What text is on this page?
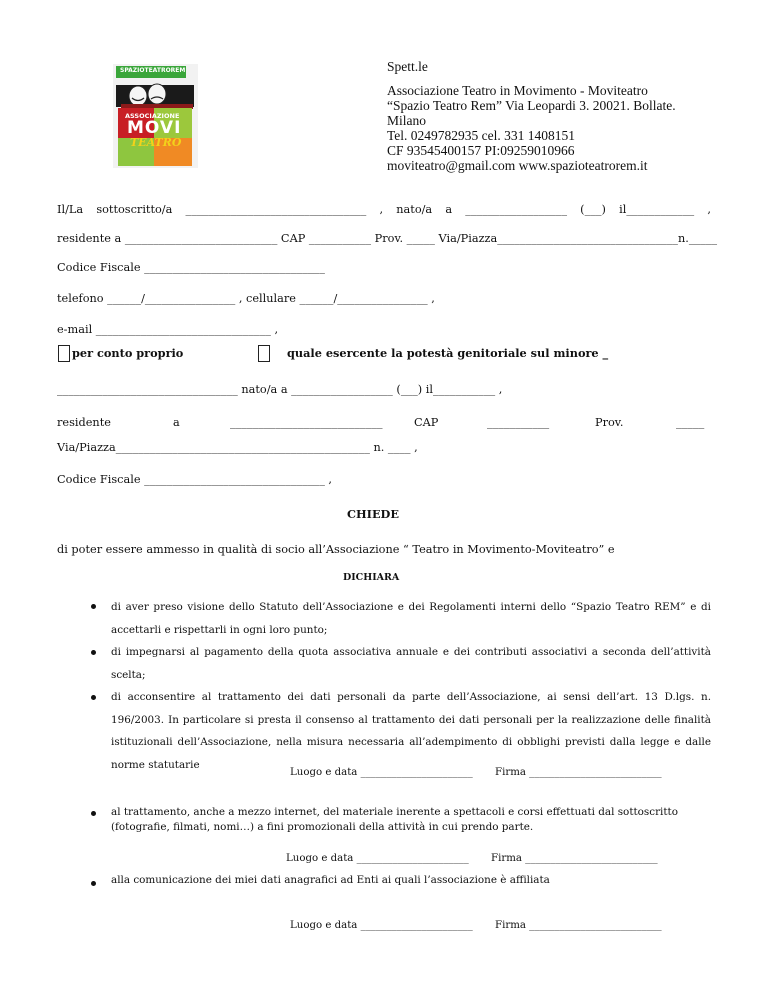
SPAZIOTEATROREM
ASSOCIAZIONE
MOVI
TEATRO
Spett.le
Associazione Teatro in Movimento - Moviteatro
“Spazio Teatro Rem” Via Leopardi 3. 20021. Bollate.
Milano
Tel. 0249782935 cel. 331 1408151
CF 93545400157 PI:09259010966
moviteatro@gmail.com www.spazioteatrorem.it
Il/La sottoscritto/a ________________________________ , nato/a a __________________ (___) il____________ ,
residente a ___________________________ CAP ___________ Prov. _____ Via/Piazza________________________________n._____
Codice Fiscale ________________________________
telefono ______/________________ , cellulare ______/________________ ,
e-mail _______________________________ ,
per conto proprio	quale esercente la potestà genitoriale sul minore _
________________________________ nato/a a __________________ (___) il___________ ,
residente	a	___________________________	CAP	___________	Prov.	_____
Via/Piazza_____________________________________________ n. ____ ,
Codice Fiscale ________________________________ ,
CHIEDE
di poter essere ammesso in qualità di socio all’Associazione “ Teatro in Movimento-Moviteatro” e
DICHIARA
di aver preso visione dello Statuto dell’Associazione e dei Regolamenti interni dello “Spazio Teatro REM” e di accettarli e rispettarli in ogni loro punto;
di impegnarsi al pagamento della quota associativa annuale e dei contributi associativi a seconda dell’attività scelta;
di acconsentire al trattamento dei dati personali da parte dell’Associazione, ai sensi dell’art. 13 D.lgs. n. 196/2003. In particolare si presta il consenso al trattamento dei dati personali per la realizzazione delle finalità istituzionali dell’Associazione, nella misura necessaria all’adempimento di obblighi previsti dalla legge e dalle norme statutarie
Luogo e data ______________________ Firma __________________________
al trattamento, anche a mezzo internet, del materiale inerente a spettacoli e corsi effettuati dal sottoscritto (fotografie, filmati, nomi…) a fini promozionali della attività in cui prendo parte.
Luogo e data ______________________ Firma __________________________
alla comunicazione dei miei dati anagrafici ad Enti ai quali l’associazione è affiliata
Luogo e data ______________________ Firma __________________________
